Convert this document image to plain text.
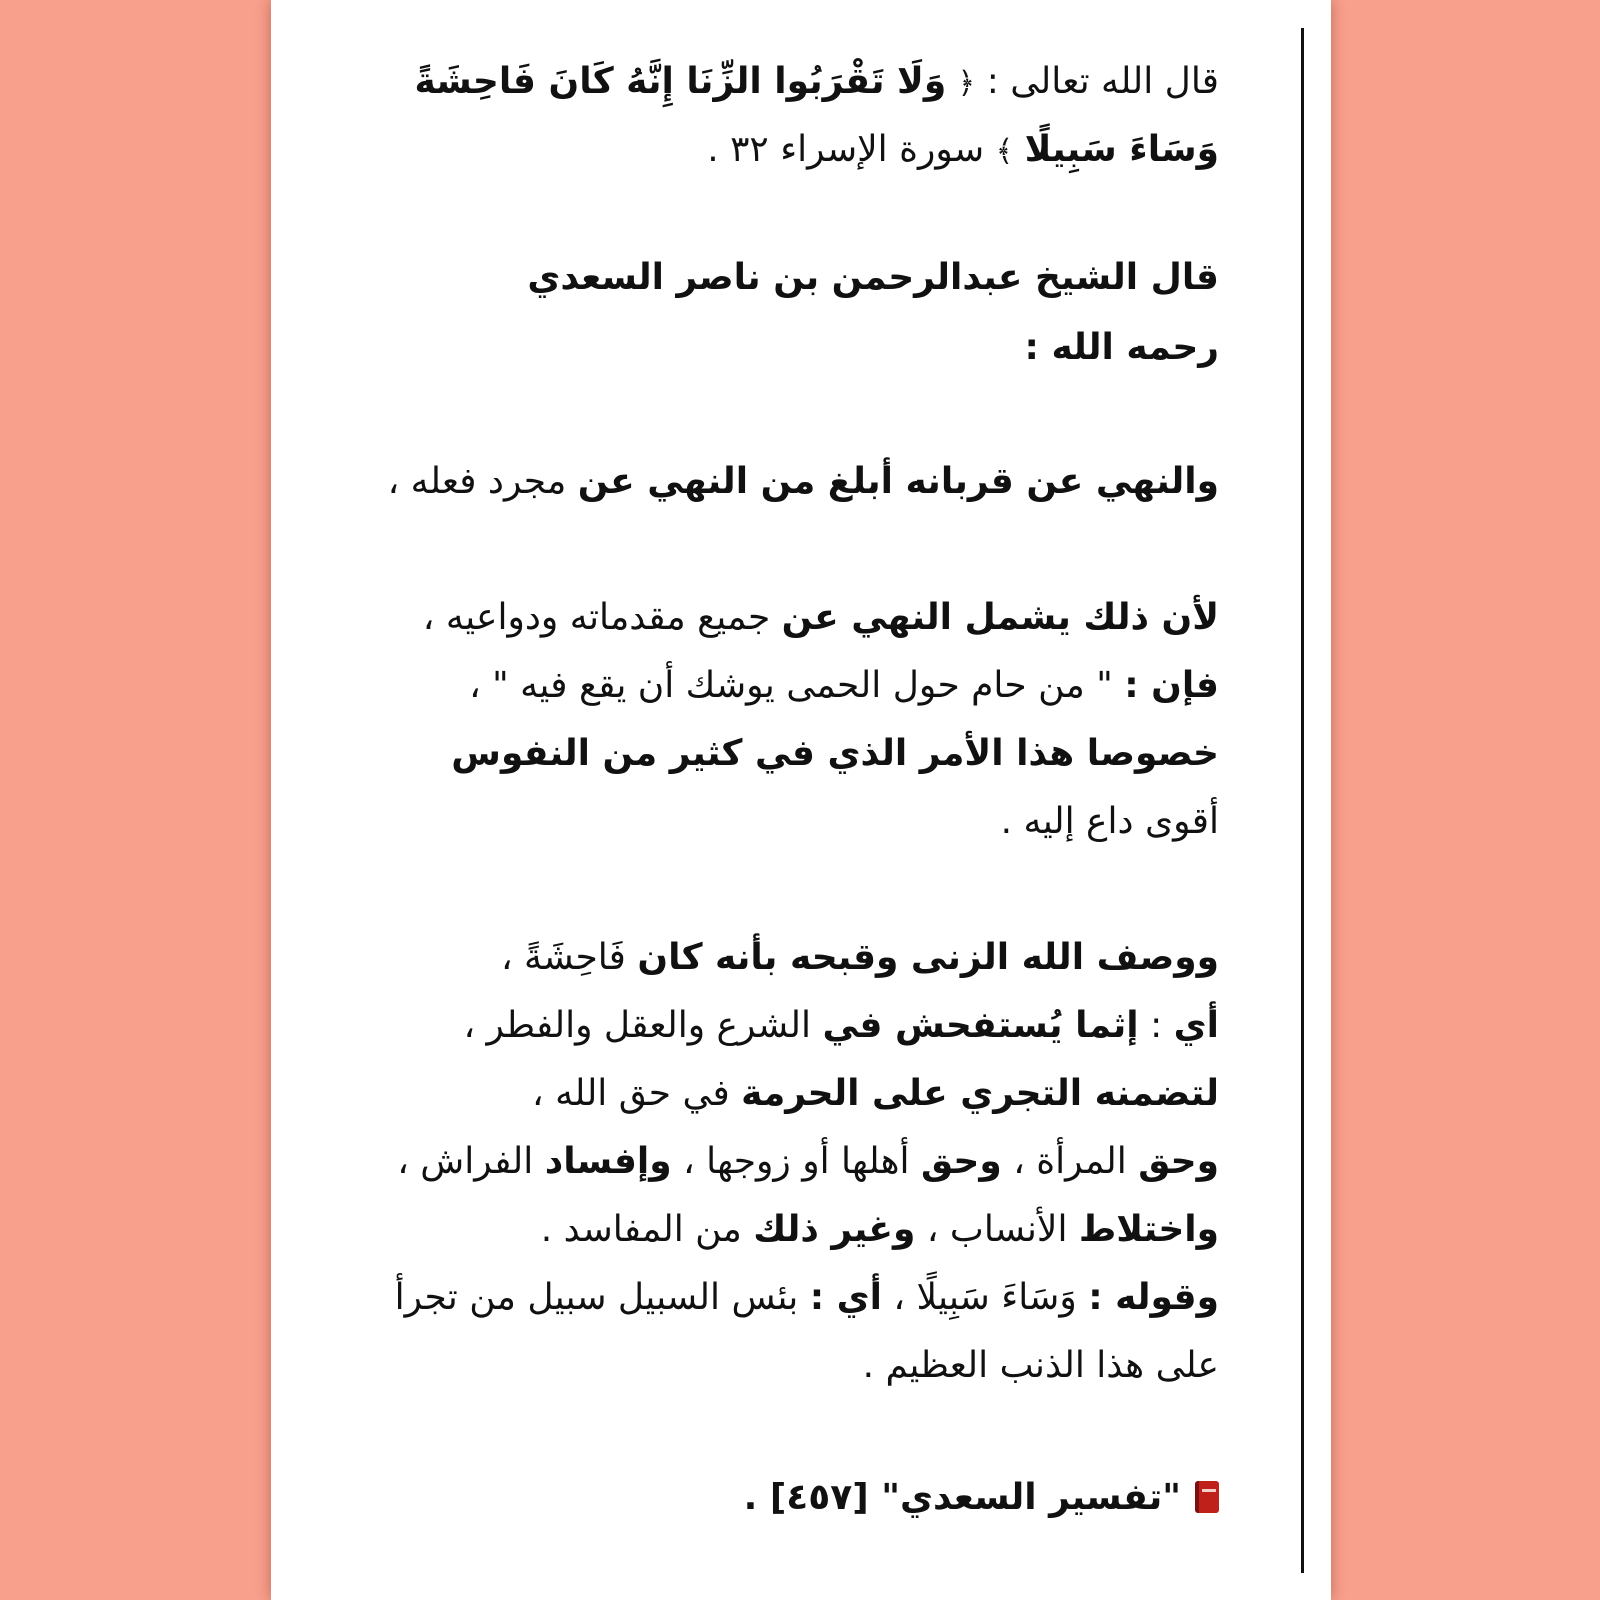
قال الله تعالى : ﴿ وَلَا تَقْرَبُوا الزِّنَا إِنَّهُ كَانَ فَاحِشَةً
وَسَاءَ سَبِيلًا ﴾ سورة الإسراء ٣٢ .
قال الشيخ عبدالرحمن بن ناصر السعدي
رحمه الله :
والنهي عن قربانه أبلغ من النهي عن مجرد فعله ،
لأن ذلك يشمل النهي عن جميع مقدماته ودواعيه ،
فإن : " من حام حول الحمى يوشك أن يقع فيه " ،
خصوصا هذا الأمر الذي في كثير من النفوس
أقوى داع إليه .
ووصف الله الزنى وقبحه بأنه كان فَاحِشَةً ،
أي : إثما يُستفحش في الشرع والعقل والفطر ،
لتضمنه التجري على الحرمة في حق الله ،
وحق المرأة ، وحق أهلها أو زوجها ، وإفساد الفراش ،
واختلاط الأنساب ، وغير ذلك من المفاسد .
وقوله : وَسَاءَ سَبِيلًا ، أي : بئس السبيل سبيل من تجرأ
على هذا الذنب العظيم .
"تفسير السعدي" [٤٥٧] .
